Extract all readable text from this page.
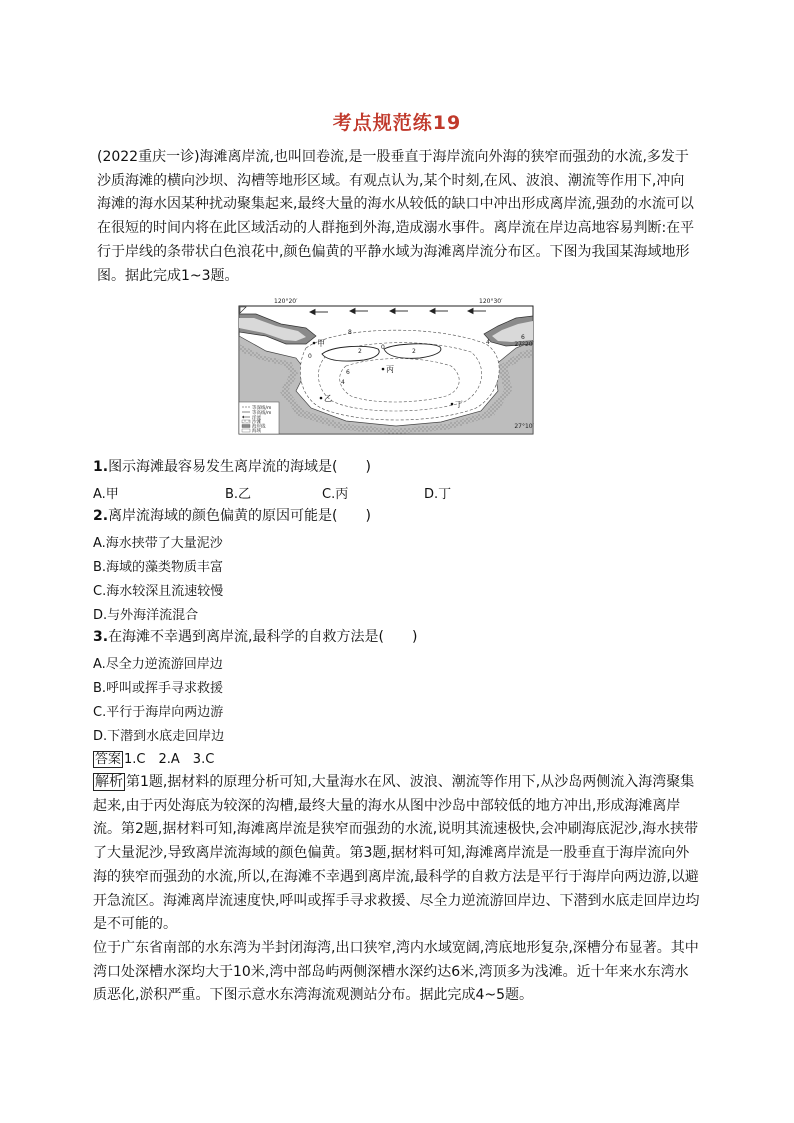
考点规范练19

(2022重庆一诊)海滩离岸流,也叫回卷流,是一股垂直于海岸流向外海的狭窄而强劲的水流,多发于沙质海滩的横向沙坝、沟槽等地形区域。有观点认为,某个时刻,在风、波浪、潮流等作用下,冲向海滩的海水因某种扰动聚集起来,最终大量的海水从较低的缺口中冲出形成离岸流,强劲的水流可以在很短的时间内将在此区域活动的人群拖到外海,造成溺水事件。离岸流在岸边高地容易判断:在平行于岸线的条带状白色浪花中,颜色偏黄的平静水域为海滩离岸流分布区。下图为我国某海域地形图。据此完成1~3题。

120°20′	120°30′
27°20′
27°10′
8
2
0
2
0
6
4
6
4
甲
乙
丙
丁
等深线/m
等高线/m
洋流
沙滩
海岸线
海域
1.图示海滩最容易发生离岸流的海域是(　　)
A.甲	B.乙	C.丙	D.丁
2.离岸流海域的颜色偏黄的原因可能是(　　)
A.海水挟带了大量泥沙
B.海域的藻类物质丰富
C.海水较深且流速较慢
D.与外海洋流混合
3.在海滩不幸遇到离岸流,最科学的自救方法是(　　)
A.尽全力逆流游回岸边
B.呼叫或挥手寻求救援
C.平行于海岸向两边游
D.下潜到水底走回岸边
答案 1.C　2.A　3.C

解析 第1题,据材料的原理分析可知,大量海水在风、波浪、潮流等作用下,从沙岛两侧流入海湾聚集起来,由于丙处海底为较深的沟槽,最终大量的海水从图中沙岛中部较低的地方冲出,形成海滩离岸流。第2题,据材料可知,海滩离岸流是狭窄而强劲的水流,说明其流速极快,会冲刷海底泥沙,海水挟带了大量泥沙,导致离岸流海域的颜色偏黄。第3题,据材料可知,海滩离岸流是一股垂直于海岸流向外海的狭窄而强劲的水流,所以,在海滩不幸遇到离岸流,最科学的自救方法是平行于海岸向两边游,以避开急流区。海滩离岸流速度快,呼叫或挥手寻求救援、尽全力逆流游回岸边、下潜到水底走回岸边均是不可能的。

位于广东省南部的水东湾为半封闭海湾,出口狭窄,湾内水域宽阔,湾底地形复杂,深槽分布显著。其中湾口处深槽水深均大于10米,湾中部岛屿两侧深槽水深约达6米,湾顶多为浅滩。近十年来水东湾水质恶化,淤积严重。下图示意水东湾海流观测站分布。据此完成4~5题。
